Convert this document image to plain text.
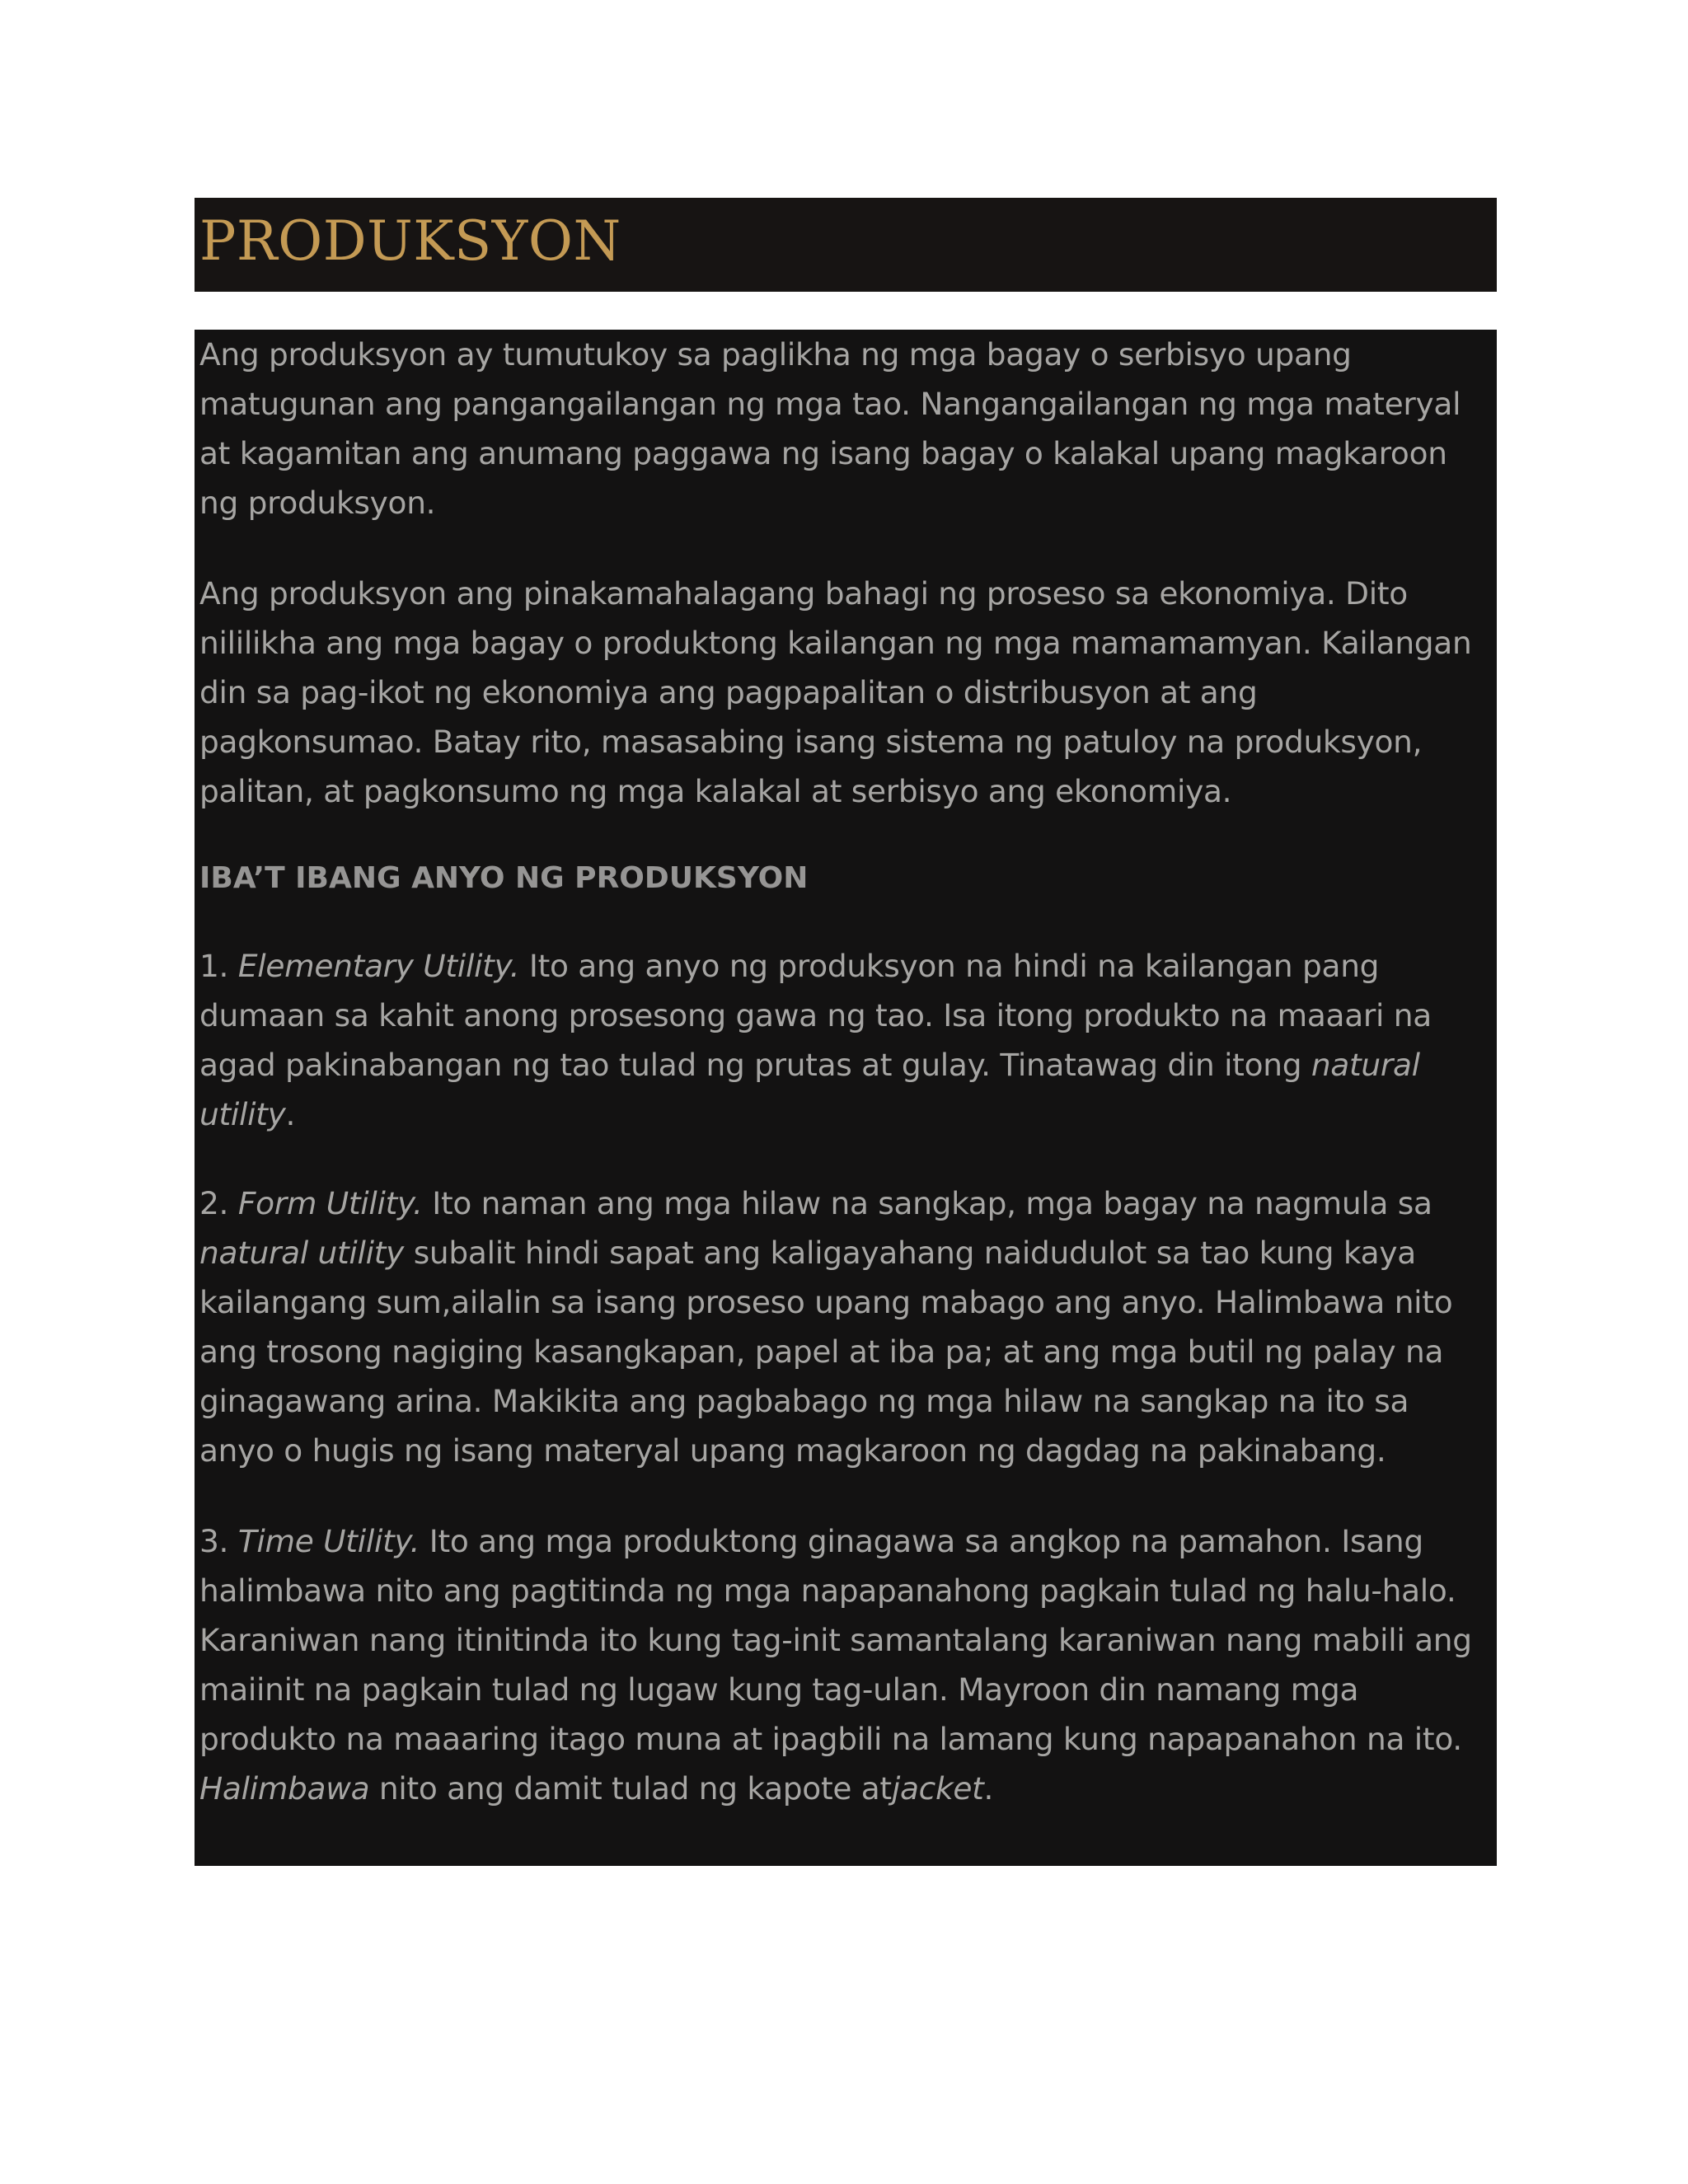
PRODUKSYON

Ang produksyon ay tumutukoy sa paglikha ng mga bagay o serbisyo upang matugunan ang pangangailangan ng mga tao. Nangangailangan ng mga materyal at kagamitan ang anumang paggawa ng isang bagay o kalakal upang magkaroon ng produksyon.

Ang produksyon ang pinakamahalagang bahagi ng proseso sa ekonomiya. Dito nililikha ang mga bagay o produktong kailangan ng mga mamamamyan. Kailangan din sa pag-ikot ng ekonomiya ang pagpapalitan o distribusyon at ang pagkonsumao. Batay rito, masasabing isang sistema ng patuloy na produksyon, palitan, at pagkonsumo ng mga kalakal at serbisyo ang ekonomiya.

IBA’T IBANG ANYO NG PRODUKSYON

1. Elementary Utility. Ito ang anyo ng produksyon na hindi na kailangan pang dumaan sa kahit anong prosesong gawa ng tao. Isa itong produkto na maaari na agad pakinabangan ng tao tulad ng prutas at gulay. Tinatawag din itong natural utility.

2. Form Utility. Ito naman ang mga hilaw na sangkap, mga bagay na nagmula sa natural utility subalit hindi sapat ang kaligayahang naidudulot sa tao kung kaya kailangang sum,ailalin sa isang proseso upang mabago ang anyo. Halimbawa nito ang trosong nagiging kasangkapan, papel at iba pa; at ang mga butil ng palay na ginagawang arina. Makikita ang pagbabago ng mga hilaw na sangkap na ito sa anyo o hugis ng isang materyal upang magkaroon ng dagdag na pakinabang.

3. Time Utility. Ito ang mga produktong ginagawa sa angkop na pamahon. Isang halimbawa nito ang pagtitinda ng mga napapanahong pagkain tulad ng halu-halo. Karaniwan nang itinitinda ito kung tag-init samantalang karaniwan nang mabili ang maiinit na pagkain tulad ng lugaw kung tag-ulan. Mayroon din namang mga produkto na maaaring itago muna at ipagbili na lamang kung napapanahon na ito. Halimbawa nito ang damit tulad ng kapote atjacket.
